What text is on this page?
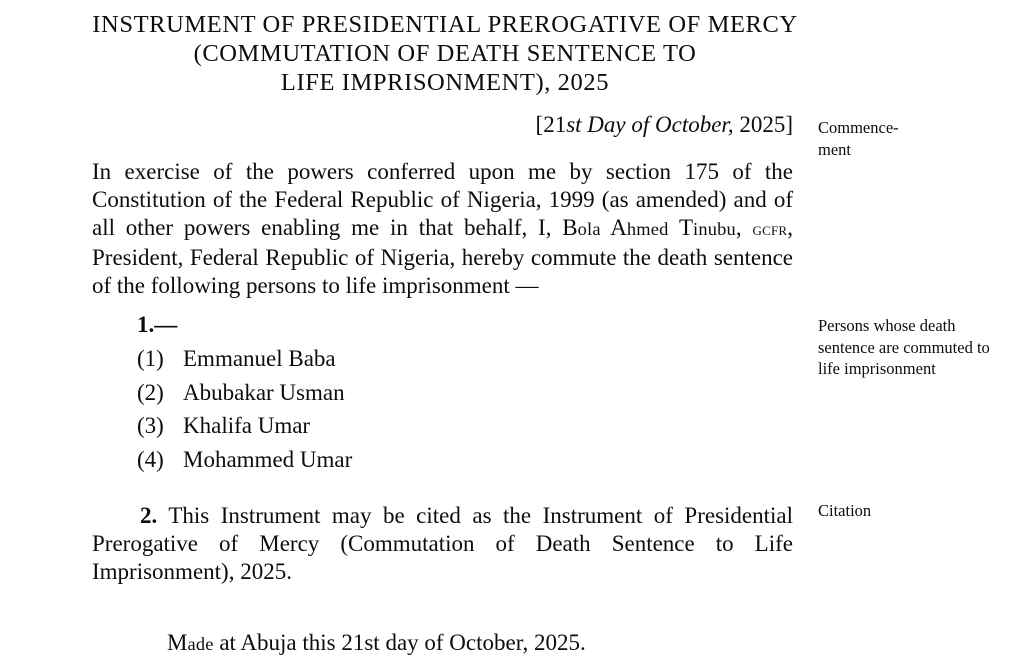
INSTRUMENT OF PRESIDENTIAL PREROGATIVE OF MERCY
(COMMUTATION OF DEATH SENTENCE TO
LIFE IMPRISONMENT), 2025
[21st Day of October, 2025] Commence-
ment
In exercise of the powers conferred upon me by section 175 of the Constitution of the Federal Republic of Nigeria, 1999 (as amended) and of all other powers enabling me in that behalf, I, Bola Ahmed Tinubu, gcfr, President, Federal Republic of Nigeria, hereby commute the death sentence of the following persons to life imprisonment —
1.—
(1) Emmanuel Baba
(2) Abubakar Usman
(3) Khalifa Umar
(4) Mohammed Umar
Persons whose death sentence are commuted to life imprisonment
2. This Instrument may be cited as the Instrument of Presidential Prerogative of Mercy (Commutation of Death Sentence to Life Imprisonment), 2025.
Citation
Made at Abuja this 21st day of October, 2025.
